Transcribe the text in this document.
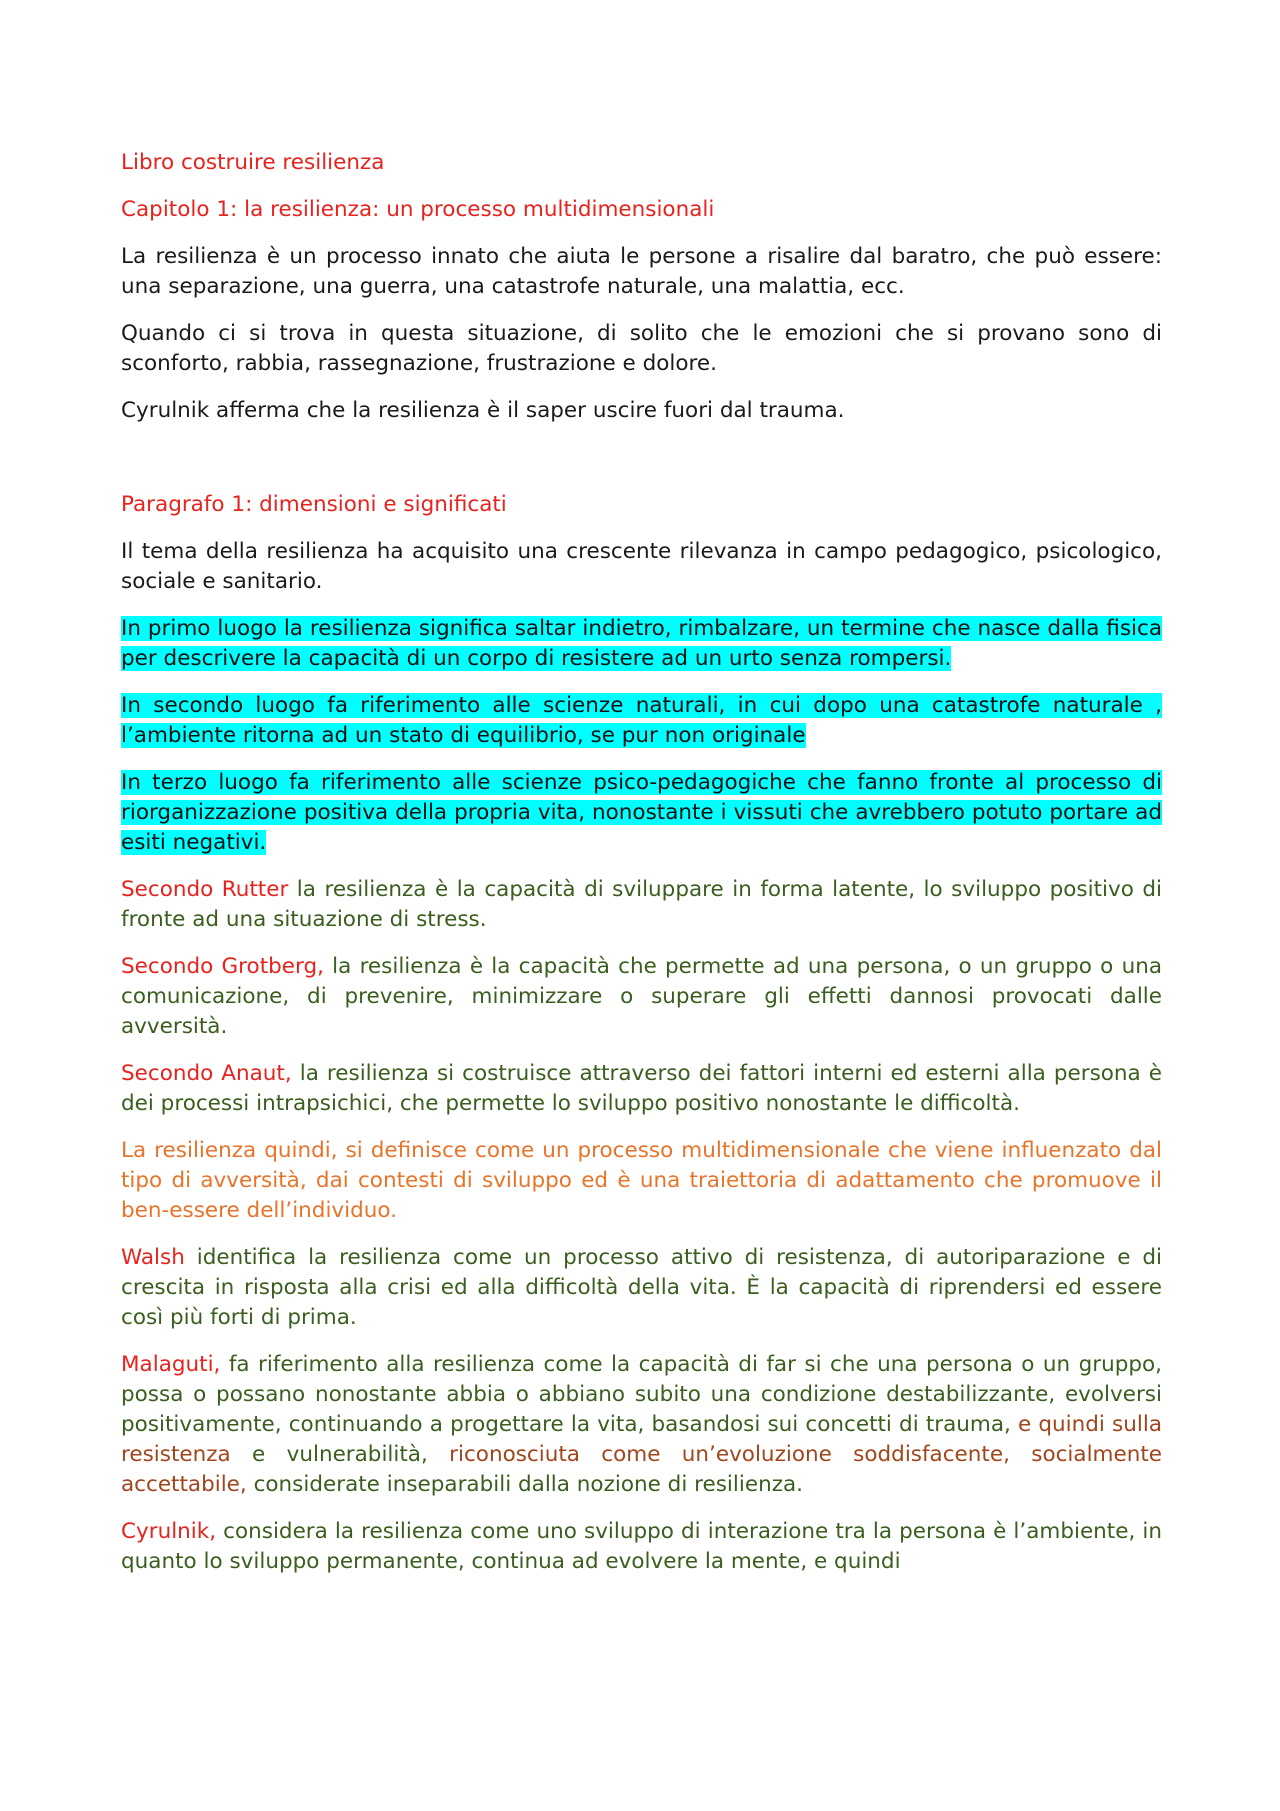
Libro costruire resilienza

Capitolo 1: la resilienza: un processo multidimensionali

La resilienza è un processo innato che aiuta le persone a risalire dal baratro, che può essere: una separazione, una guerra, una catastrofe naturale, una malattia, ecc.

Quando ci si trova in questa situazione, di solito che le emozioni che si provano sono di sconforto, rabbia, rassegnazione, frustrazione e dolore.

Cyrulnik afferma che la resilienza è il saper uscire fuori dal trauma.

Paragrafo 1: dimensioni e significati

Il tema della resilienza ha acquisito una crescente rilevanza in campo pedagogico, psicologico, sociale e sanitario.

In primo luogo la resilienza significa saltar indietro, rimbalzare, un termine che nasce dalla fisica per descrivere la capacità di un corpo di resistere ad un urto senza rompersi.

In secondo luogo fa riferimento alle scienze naturali, in cui dopo una catastrofe naturale , l’ambiente ritorna ad un stato di equilibrio, se pur non originale

In terzo luogo fa riferimento alle scienze psico-pedagogiche che fanno fronte al processo di riorganizzazione positiva della propria vita, nonostante i vissuti che avrebbero potuto portare ad esiti negativi.

Secondo Rutter la resilienza è la capacità di sviluppare in forma latente, lo sviluppo positivo di fronte ad una situazione di stress.

Secondo Grotberg, la resilienza è la capacità che permette ad una persona, o un gruppo o una comunicazione, di prevenire, minimizzare o superare gli effetti dannosi provocati dalle avversità.

Secondo Anaut, la resilienza si costruisce attraverso dei fattori interni ed esterni alla persona è dei processi intrapsichici, che permette lo sviluppo positivo nonostante le difficoltà.

La resilienza quindi, si definisce come un processo multidimensionale che viene influenzato dal tipo di avversità, dai contesti di sviluppo ed è una traiettoria di adattamento che promuove il ben-essere dell’individuo.

Walsh identifica la resilienza come un processo attivo di resistenza, di autoriparazione e di crescita in risposta alla crisi ed alla difficoltà della vita. È la capacità di riprendersi ed essere così più forti di prima.

Malaguti, fa riferimento alla resilienza come la capacità di far si che una persona o un gruppo, possa o possano nonostante abbia o abbiano subito una condizione destabilizzante, evolversi positivamente, continuando a progettare la vita, basandosi sui concetti di trauma, e quindi sulla resistenza e vulnerabilità, riconosciuta come un’evoluzione soddisfacente, socialmente accettabile, considerate inseparabili dalla nozione di resilienza.

Cyrulnik, considera la resilienza come uno sviluppo di interazione tra la persona è l’ambiente, in quanto lo sviluppo permanente, continua ad evolvere la mente, e quindi
